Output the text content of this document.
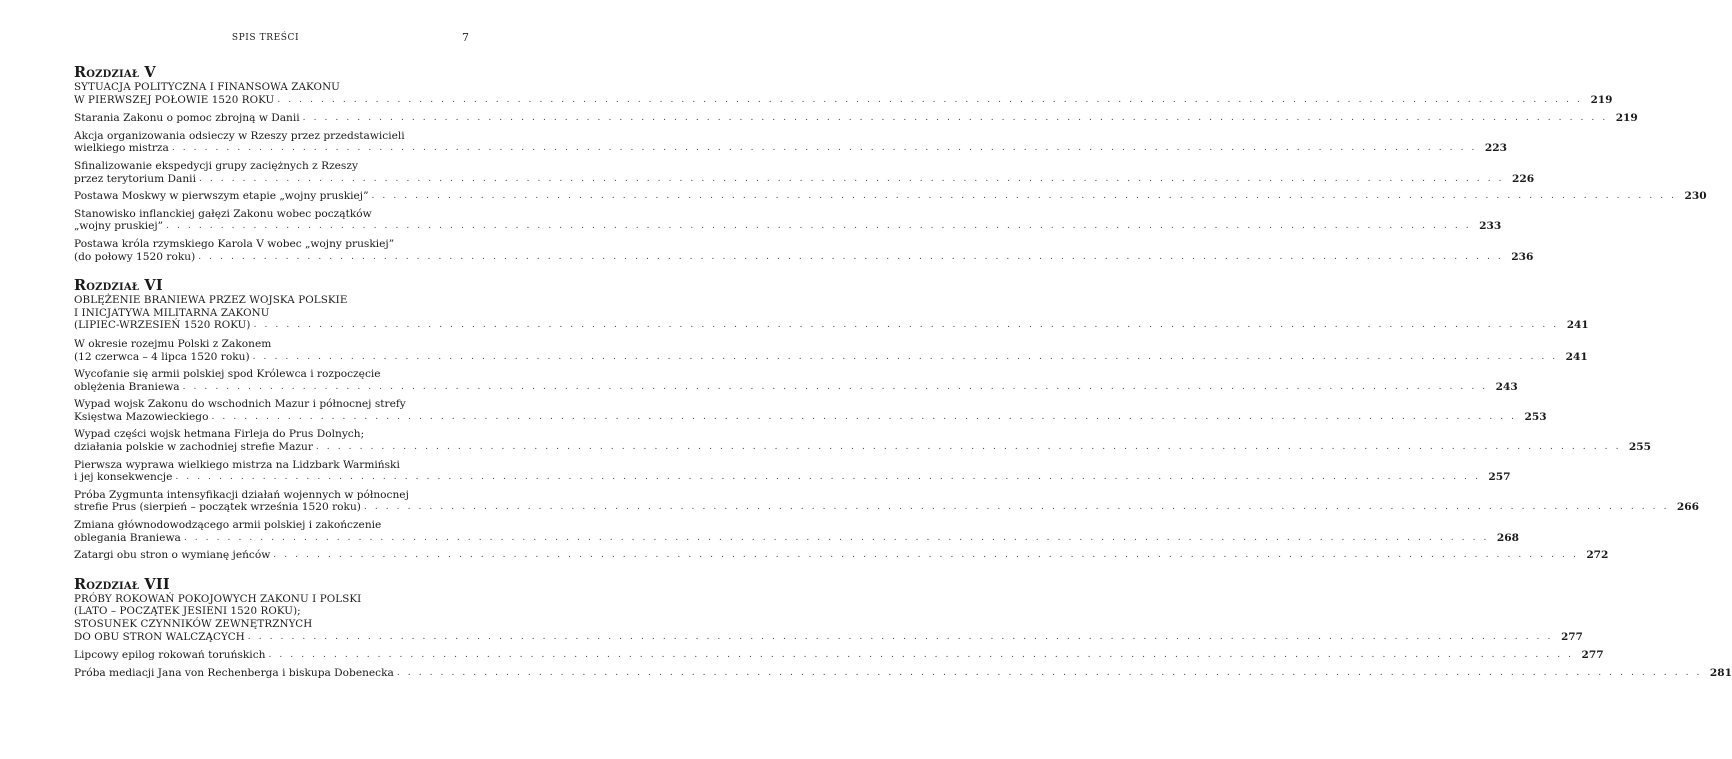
SPIS TREŚCI	7
Rozdział V
SYTUACJA POLITYCZNA I FINANSOWA ZAKONU
W PIERWSZEJ POŁOWIE 1520 ROKU . . . . . . . . . . . . . . . . . . . . . . . . . . . . . . . . . . . . . . . . . . . . . . . . . . . . . . . . . . . . . . . . . . . . . . . . . . . . . . . . . . . . . . . . . . . . . . . . . . . . . . . . . . . . . . . . . . . . . . . . 219
Starania Zakonu o pomoc zbrojną w Danii . . . . . . . . . . . . . . . . . . . . . . . . . . . . . . . . . . . . . . . . . . . . . . . . . . . . . . . . . . . . . . . . . . . . . . . . . . . . . . . . . . . . . . . . . . . . . . . . . . . . . . . . . . . . . . . . . . . . . . . . 219
Akcja organizowania odsieczy w Rzeszy przez przedstawicieli
wielkiego mistrza . . . . . . . . . . . . . . . . . . . . . . . . . . . . . . . . . . . . . . . . . . . . . . . . . . . . . . . . . . . . . . . . . . . . . . . . . . . . . . . . . . . . . . . . . . . . . . . . . . . . . . . . . . . . . . . . . . . . . . . . 223
Sfinalizowanie ekspedycji grupy zaciężnych z Rzeszy
przez terytorium Danii . . . . . . . . . . . . . . . . . . . . . . . . . . . . . . . . . . . . . . . . . . . . . . . . . . . . . . . . . . . . . . . . . . . . . . . . . . . . . . . . . . . . . . . . . . . . . . . . . . . . . . . . . . . . . . . . . . . . . . . . 226
Postawa Moskwy w pierwszym etapie „wojny pruskiej” . . . . . . . . . . . . . . . . . . . . . . . . . . . . . . . . . . . . . . . . . . . . . . . . . . . . . . . . . . . . . . . . . . . . . . . . . . . . . . . . . . . . . . . . . . . . . . . . . . . . . . . . . . . . . . . . . . . . . . . . 230
Stanowisko inflanckiej gałęzi Zakonu wobec początków
„wojny pruskiej” . . . . . . . . . . . . . . . . . . . . . . . . . . . . . . . . . . . . . . . . . . . . . . . . . . . . . . . . . . . . . . . . . . . . . . . . . . . . . . . . . . . . . . . . . . . . . . . . . . . . . . . . . . . . . . . . . . . . . . . . 233
Postawa króla rzymskiego Karola V wobec „wojny pruskiej”
(do połowy 1520 roku) . . . . . . . . . . . . . . . . . . . . . . . . . . . . . . . . . . . . . . . . . . . . . . . . . . . . . . . . . . . . . . . . . . . . . . . . . . . . . . . . . . . . . . . . . . . . . . . . . . . . . . . . . . . . . . . . . . . . . . . . 236
Rozdział VI
OBLĘŻENIE BRANIEWA PRZEZ WOJSKA POLSKIE
I INICJATYWA MILITARNA ZAKONU
(LIPIEC-WRZESIEŃ 1520 ROKU) . . . . . . . . . . . . . . . . . . . . . . . . . . . . . . . . . . . . . . . . . . . . . . . . . . . . . . . . . . . . . . . . . . . . . . . . . . . . . . . . . . . . . . . . . . . . . . . . . . . . . . . . . . . . . . . . . . . . . . . . 241
W okresie rozejmu Polski z Zakonem
(12 czerwca – 4 lipca 1520 roku) . . . . . . . . . . . . . . . . . . . . . . . . . . . . . . . . . . . . . . . . . . . . . . . . . . . . . . . . . . . . . . . . . . . . . . . . . . . . . . . . . . . . . . . . . . . . . . . . . . . . . . . . . . . . . . . . . . . . . . . . 241
Wycofanie się armii polskiej spod Królewca i rozpoczęcie
oblężenia Braniewa . . . . . . . . . . . . . . . . . . . . . . . . . . . . . . . . . . . . . . . . . . . . . . . . . . . . . . . . . . . . . . . . . . . . . . . . . . . . . . . . . . . . . . . . . . . . . . . . . . . . . . . . . . . . . . . . . . . . . . . . 243
Wypad wojsk Zakonu do wschodnich Mazur i północnej strefy
Księstwa Mazowieckiego . . . . . . . . . . . . . . . . . . . . . . . . . . . . . . . . . . . . . . . . . . . . . . . . . . . . . . . . . . . . . . . . . . . . . . . . . . . . . . . . . . . . . . . . . . . . . . . . . . . . . . . . . . . . . . . . . . . . . . . . 253
Wypad części wojsk hetmana Firleja do Prus Dolnych;
działania polskie w zachodniej strefie Mazur . . . . . . . . . . . . . . . . . . . . . . . . . . . . . . . . . . . . . . . . . . . . . . . . . . . . . . . . . . . . . . . . . . . . . . . . . . . . . . . . . . . . . . . . . . . . . . . . . . . . . . . . . . . . . . . . . . . . . . . . 255
Pierwsza wyprawa wielkiego mistrza na Lidzbark Warmiński
i jej konsekwencje . . . . . . . . . . . . . . . . . . . . . . . . . . . . . . . . . . . . . . . . . . . . . . . . . . . . . . . . . . . . . . . . . . . . . . . . . . . . . . . . . . . . . . . . . . . . . . . . . . . . . . . . . . . . . . . . . . . . . . . . 257
Próba Zygmunta intensyfikacji działań wojennych w północnej
strefie Prus (sierpień – początek września 1520 roku) . . . . . . . . . . . . . . . . . . . . . . . . . . . . . . . . . . . . . . . . . . . . . . . . . . . . . . . . . . . . . . . . . . . . . . . . . . . . . . . . . . . . . . . . . . . . . . . . . . . . . . . . . . . . . . . . . . . . . . . . 266
Zmiana głównodowodzącego armii polskiej i zakończenie
oblegania Braniewa . . . . . . . . . . . . . . . . . . . . . . . . . . . . . . . . . . . . . . . . . . . . . . . . . . . . . . . . . . . . . . . . . . . . . . . . . . . . . . . . . . . . . . . . . . . . . . . . . . . . . . . . . . . . . . . . . . . . . . . . 268
Zatargi obu stron o wymianę jeńców . . . . . . . . . . . . . . . . . . . . . . . . . . . . . . . . . . . . . . . . . . . . . . . . . . . . . . . . . . . . . . . . . . . . . . . . . . . . . . . . . . . . . . . . . . . . . . . . . . . . . . . . . . . . . . . . . . . . . . . . 272
Rozdział VII
PRÓBY ROKOWAŃ POKOJOWYCH ZAKONU I POLSKI
(LATO – POCZĄTEK JESIENI 1520 ROKU);
STOSUNEK CZYNNIKÓW ZEWNĘTRZNYCH
DO OBU STRON WALCZĄCYCH . . . . . . . . . . . . . . . . . . . . . . . . . . . . . . . . . . . . . . . . . . . . . . . . . . . . . . . . . . . . . . . . . . . . . . . . . . . . . . . . . . . . . . . . . . . . . . . . . . . . . . . . . . . . . . . . . . . . . . . . 277
Lipcowy epilog rokowań toruńskich . . . . . . . . . . . . . . . . . . . . . . . . . . . . . . . . . . . . . . . . . . . . . . . . . . . . . . . . . . . . . . . . . . . . . . . . . . . . . . . . . . . . . . . . . . . . . . . . . . . . . . . . . . . . . . . . . . . . . . . . 277
Próba mediacji Jana von Rechenberga i biskupa Dobenecka . . . . . . . . . . . . . . . . . . . . . . . . . . . . . . . . . . . . . . . . . . . . . . . . . . . . . . . . . . . . . . . . . . . . . . . . . . . . . . . . . . . . . . . . . . . . . . . . . . . . . . . . . . . . . . . . . . . . . . . . 281
